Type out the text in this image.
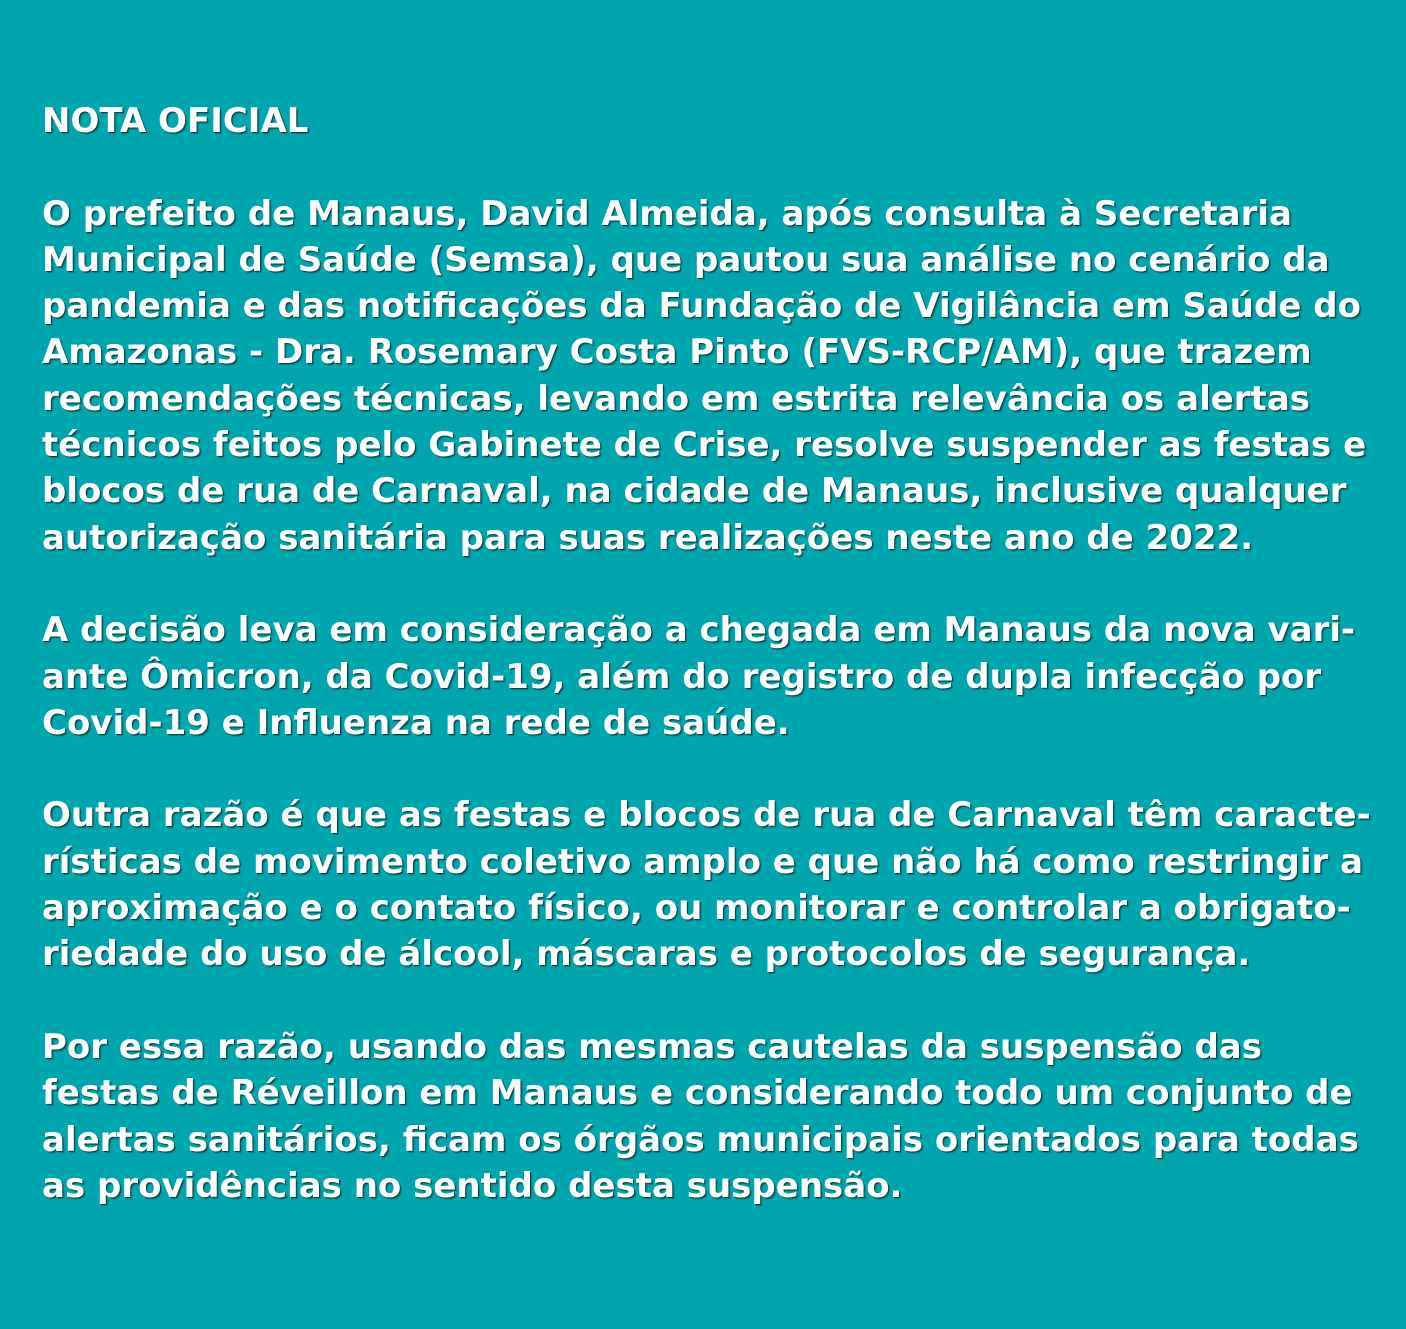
NOTA OFICIAL

O prefeito de Manaus, David Almeida, após consulta à Secretaria
Municipal de Saúde (Semsa), que pautou sua análise no cenário da
pandemia e das notificações da Fundação de Vigilância em Saúde do
Amazonas - Dra. Rosemary Costa Pinto (FVS-RCP/AM), que trazem
recomendações técnicas, levando em estrita relevância os alertas
técnicos feitos pelo Gabinete de Crise, resolve suspender as festas e
blocos de rua de Carnaval, na cidade de Manaus, inclusive qualquer
autorização sanitária para suas realizações neste ano de 2022.

A decisão leva em consideração a chegada em Manaus da nova vari-
ante Ômicron, da Covid-19, além do registro de dupla infecção por
Covid-19 e Influenza na rede de saúde.

Outra razão é que as festas e blocos de rua de Carnaval têm caracte-
rísticas de movimento coletivo amplo e que não há como restringir a
aproximação e o contato físico, ou monitorar e controlar a obrigato-
riedade do uso de álcool, máscaras e protocolos de segurança.

Por essa razão, usando das mesmas cautelas da suspensão das
festas de Réveillon em Manaus e considerando todo um conjunto de
alertas sanitários, ficam os órgãos municipais orientados para todas
as providências no sentido desta suspensão.
